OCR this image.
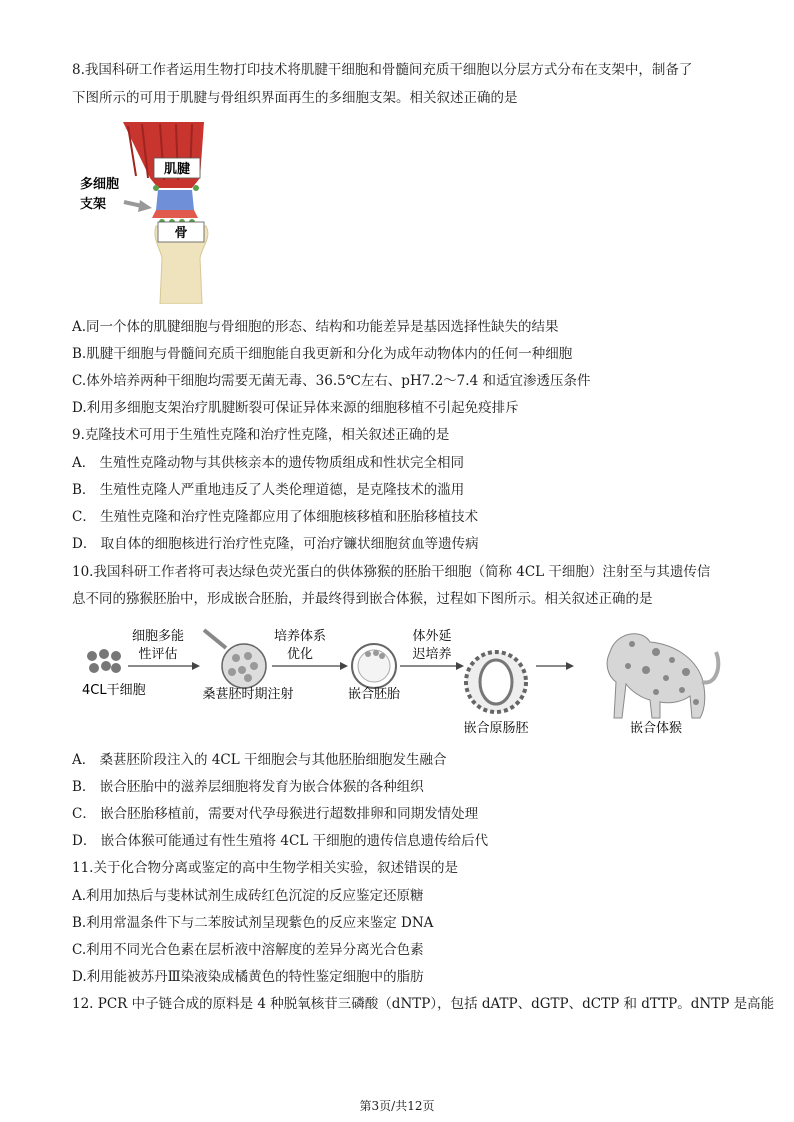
8.我国科研工作者运用生物打印技术将肌腱干细胞和骨髓间充质干细胞以分层方式分布在支架中，制备了
下图所示的可用于肌腱与骨组织界面再生的多细胞支架。相关叙述正确的是
肌腱
骨
多细胞
支架
A.同一个体的肌腱细胞与骨细胞的形态、结构和功能差异是基因选择性缺失的结果
B.肌腱干细胞与骨髓间充质干细胞能自我更新和分化为成年动物体内的任何一种细胞
C.体外培养两种干细胞均需要无菌无毒、36.5℃左右、pH7.2～7.4 和适宜渗透压条件
D.利用多细胞支架治疗肌腱断裂可保证异体来源的细胞移植不引起免疫排斥
9.克隆技术可用于生殖性克隆和治疗性克隆，相关叙述正确的是
A． 生殖性克隆动物与其供核亲本的遗传物质组成和性状完全相同
B． 生殖性克隆人严重地违反了人类伦理道德，是克隆技术的滥用
C． 生殖性克隆和治疗性克隆都应用了体细胞核移植和胚胎移植技术
D． 取自体的细胞核进行治疗性克隆，可治疗镰状细胞贫血等遗传病
10.我国科研工作者将可表达绿色荧光蛋白的供体猕猴的胚胎干细胞（简称 4CL 干细胞）注射至与其遗传信
息不同的猕猴胚胎中，形成嵌合胚胎，并最终得到嵌合体猴，过程如下图所示。相关叙述正确的是
4CL干细胞
细胞多能
性评估
桑葚胚时期注射
培养体系
优化
嵌合胚胎
体外延
迟培养
嵌合原肠胚	嵌合体猴
A． 桑葚胚阶段注入的 4CL 干细胞会与其他胚胎细胞发生融合
B． 嵌合胚胎中的滋养层细胞将发育为嵌合体猴的各种组织
C． 嵌合胚胎移植前，需要对代孕母猴进行超数排卵和同期发情处理
D． 嵌合体猴可能通过有性生殖将 4CL 干细胞的遗传信息遗传给后代
11.关于化合物分离或鉴定的高中生物学相关实验，叙述错误的是
A.利用加热后与斐林试剂生成砖红色沉淀的反应鉴定还原糖
B.利用常温条件下与二苯胺试剂呈现紫色的反应来鉴定 DNA
C.利用不同光合色素在层析液中溶解度的差异分离光合色素
D.利用能被苏丹Ⅲ染液染成橘黄色的特性鉴定细胞中的脂肪
12. PCR 中子链合成的原料是 4 种脱氧核苷三磷酸（dNTP），包括 dATP、dGTP、dCTP 和 dTTP。dNTP 是高能
第3页/共12页
